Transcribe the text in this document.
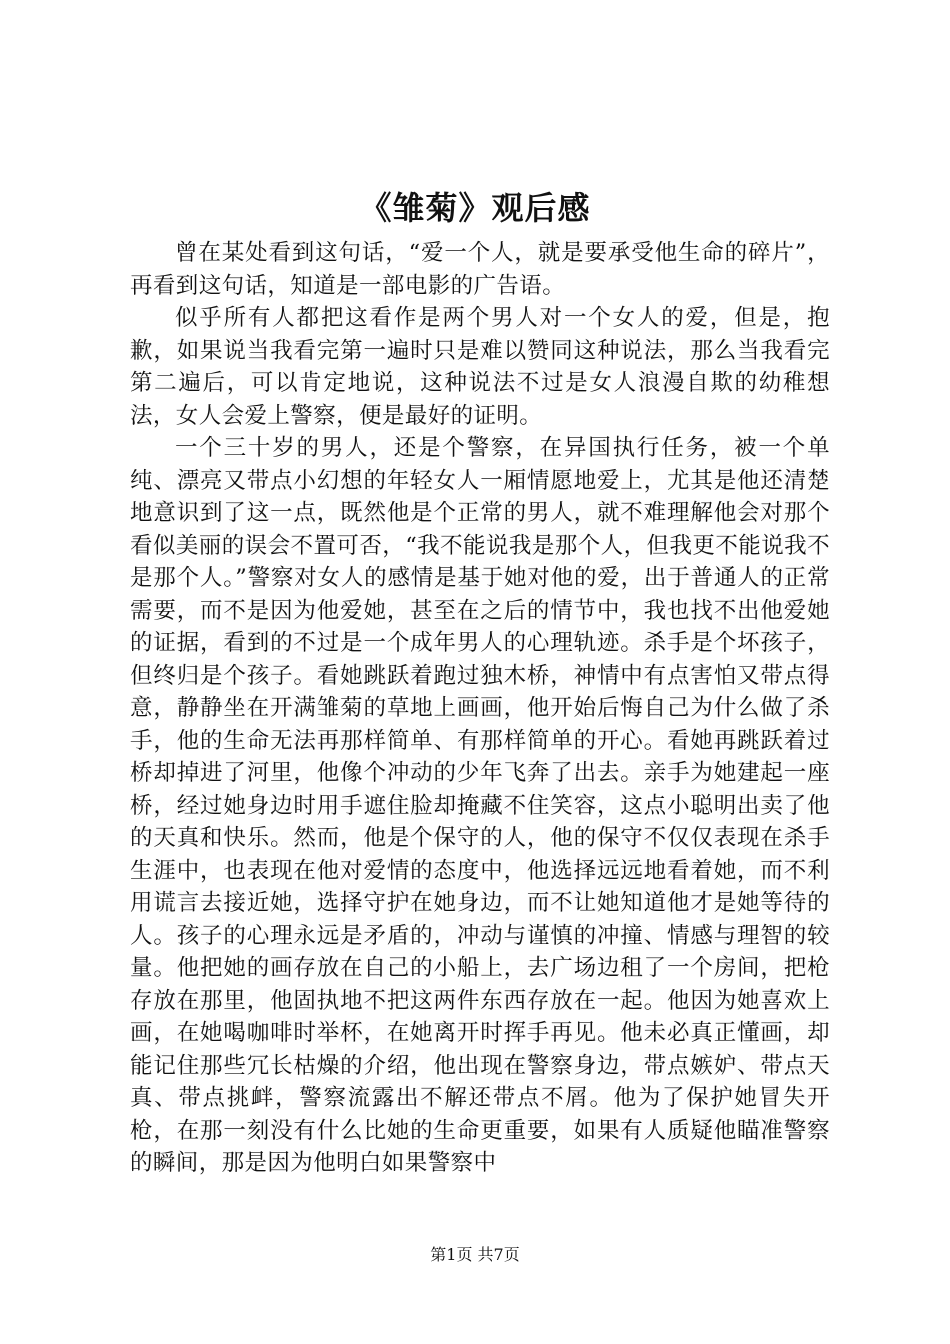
《雏菊》观后感

曾在某处看到这句话，“爱一个人，就是要承受他生命的碎片”，再看到这句话，知道是一部电影的广告语。

似乎所有人都把这看作是两个男人对一个女人的爱，但是，抱歉，如果说当我看完第一遍时只是难以赞同这种说法，那么当我看完第二遍后，可以肯定地说，这种说法不过是女人浪漫自欺的幼稚想法，女人会爱上警察，便是最好的证明。

一个三十岁的男人，还是个警察，在异国执行任务，被一个单纯、漂亮又带点小幻想的年轻女人一厢情愿地爱上，尤其是他还清楚地意识到了这一点，既然他是个正常的男人，就不难理解他会对那个看似美丽的误会不置可否，“我不能说我是那个人，但我更不能说我不是那个人。”警察对女人的感情是基于她对他的爱，出于普通人的正常需要，而不是因为他爱她，甚至在之后的情节中，我也找不出他爱她的证据，看到的不过是一个成年男人的心理轨迹。杀手是个坏孩子，但终归是个孩子。看她跳跃着跑过独木桥，神情中有点害怕又带点得意，静静坐在开满雏菊的草地上画画，他开始后悔自己为什么做了杀手，他的生命无法再那样简单、有那样简单的开心。看她再跳跃着过桥却掉进了河里，他像个冲动的少年飞奔了出去。亲手为她建起一座桥，经过她身边时用手遮住脸却掩藏不住笑容，这点小聪明出卖了他的天真和快乐。然而，他是个保守的人，他的保守不仅仅表现在杀手生涯中，也表现在他对爱情的态度中，他选择远远地看着她，而不利用谎言去接近她，选择守护在她身边，而不让她知道他才是她等待的人。孩子的心理永远是矛盾的，冲动与谨慎的冲撞、情感与理智的较量。他把她的画存放在自己的小船上，去广场边租了一个房间，把枪存放在那里，他固执地不把这两件东西存放在一起。他因为她喜欢上画，在她喝咖啡时举杯，在她离开时挥手再见。他未必真正懂画，却能记住那些冗长枯燥的介绍，他出现在警察身边，带点嫉妒、带点天真、带点挑衅，警察流露出不解还带点不屑。他为了保护她冒失开枪，在那一刻没有什么比她的生命更重要，如果有人质疑他瞄准警察的瞬间，那是因为他明白如果警察中

第1页 共7页
